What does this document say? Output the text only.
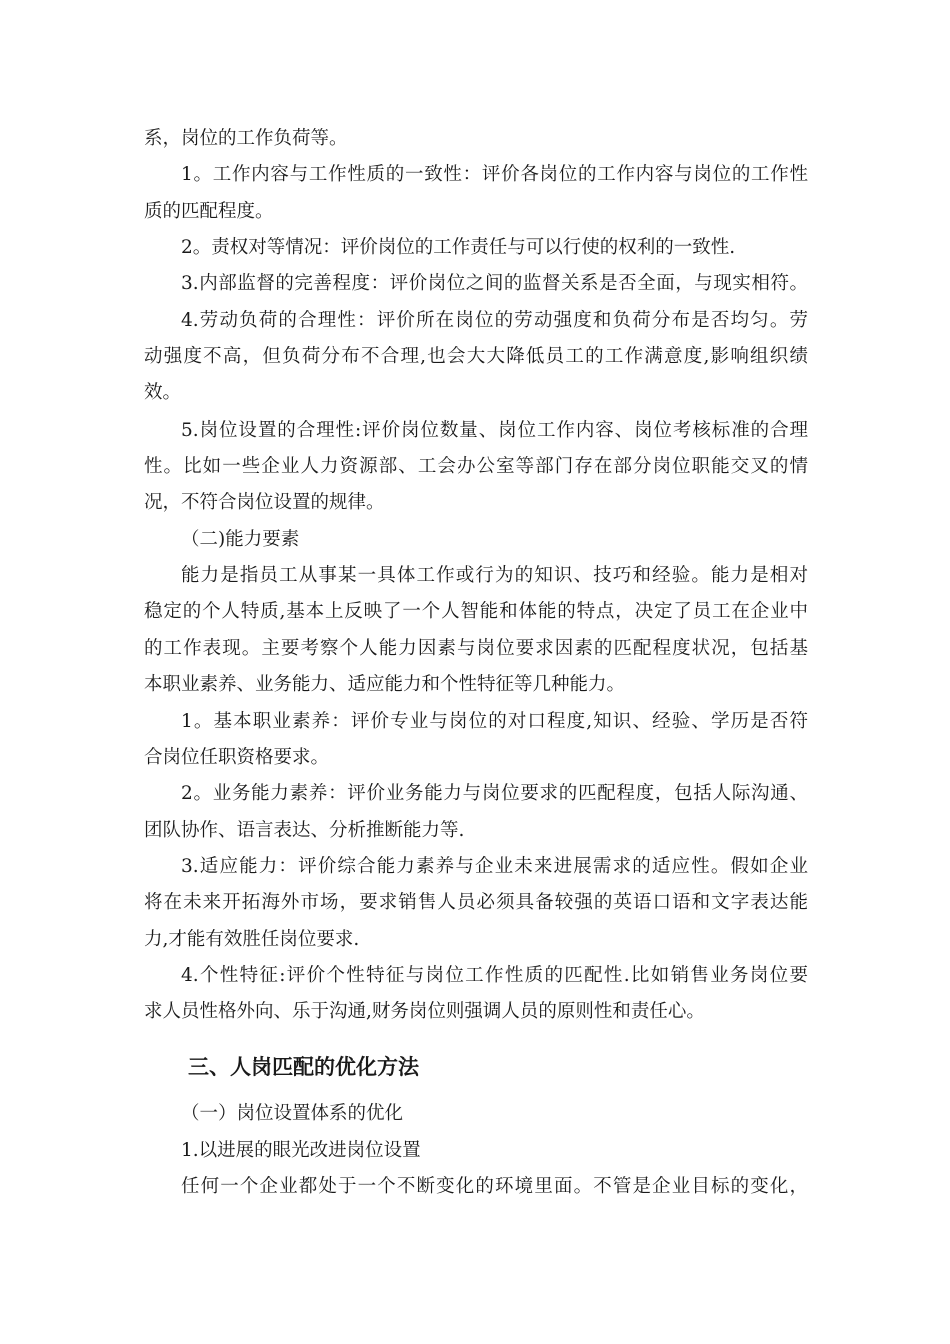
系，岗位的工作负荷等。
1。工作内容与工作性质的一致性：评价各岗位的工作内容与岗位的工作性
质的匹配程度。
2。责权对等情况：评价岗位的工作责任与可以行使的权利的一致性.
3.内部监督的完善程度：评价岗位之间的监督关系是否全面，与现实相符。
4.劳动负荷的合理性：评价所在岗位的劳动强度和负荷分布是否均匀。劳
动强度不高，但负荷分布不合理,也会大大降低员工的工作满意度,影响组织绩
效。
5.岗位设置的合理性:评价岗位数量、岗位工作内容、岗位考核标准的合理
性。比如一些企业人力资源部、工会办公室等部门存在部分岗位职能交叉的情
况，不符合岗位设置的规律。
（二)能力要素
能力是指员工从事某一具体工作或行为的知识、技巧和经验。能力是相对
稳定的个人特质,基本上反映了一个人智能和体能的特点，决定了员工在企业中
的工作表现。主要考察个人能力因素与岗位要求因素的匹配程度状况，包括基
本职业素养、业务能力、适应能力和个性特征等几种能力。
1。基本职业素养：评价专业与岗位的对口程度,知识、经验、学历是否符
合岗位任职资格要求。
2。业务能力素养：评价业务能力与岗位要求的匹配程度，包括人际沟通、
团队协作、语言表达、分析推断能力等.
3.适应能力：评价综合能力素养与企业未来进展需求的适应性。假如企业
将在未来开拓海外市场，要求销售人员必须具备较强的英语口语和文字表达能
力,才能有效胜任岗位要求.
4.个性特征:评价个性特征与岗位工作性质的匹配性.比如销售业务岗位要
求人员性格外向、乐于沟通,财务岗位则强调人员的原则性和责任心。
三、人岗匹配的优化方法
（一）岗位设置体系的优化
1.以进展的眼光改进岗位设置
任何一个企业都处于一个不断变化的环境里面。不管是企业目标的变化，
